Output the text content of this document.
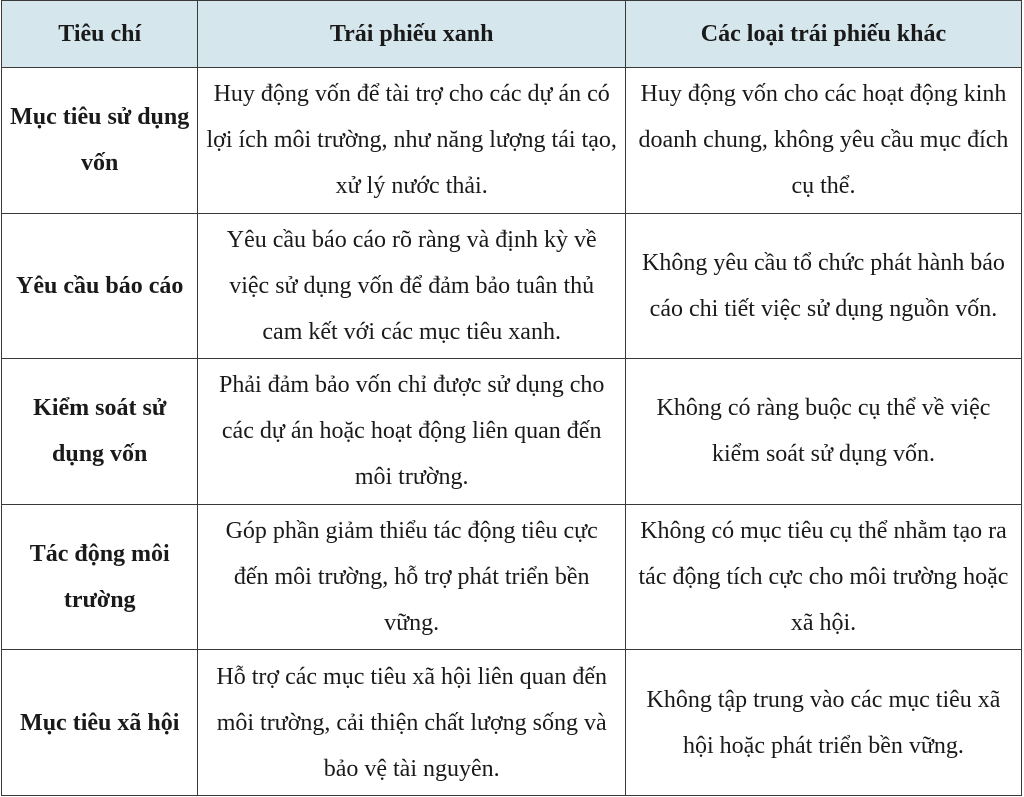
Tiêu chí	Trái phiếu xanh	Các loại trái phiếu khác
Mục tiêu sử dụng vốn	Huy động vốn để tài trợ cho các dự án có lợi ích môi trường, như năng lượng tái tạo, xử lý nước thải.	Huy động vốn cho các hoạt động kinh doanh chung, không yêu cầu mục đích cụ thể.
Yêu cầu báo cáo	Yêu cầu báo cáo rõ ràng và định kỳ về việc sử dụng vốn để đảm bảo tuân thủ cam kết với các mục tiêu xanh.	Không yêu cầu tổ chức phát hành báo cáo chi tiết việc sử dụng nguồn vốn.
Kiểm soát sử dụng vốn	Phải đảm bảo vốn chỉ được sử dụng cho các dự án hoặc hoạt động liên quan đến môi trường.	Không có ràng buộc cụ thể về việc kiểm soát sử dụng vốn.
Tác động môi trường	Góp phần giảm thiểu tác động tiêu cực đến môi trường, hỗ trợ phát triển bền vững.	Không có mục tiêu cụ thể nhằm tạo ra tác động tích cực cho môi trường hoặc xã hội.
Mục tiêu xã hội	Hỗ trợ các mục tiêu xã hội liên quan đến môi trường, cải thiện chất lượng sống và bảo vệ tài nguyên.	Không tập trung vào các mục tiêu xã hội hoặc phát triển bền vững.
